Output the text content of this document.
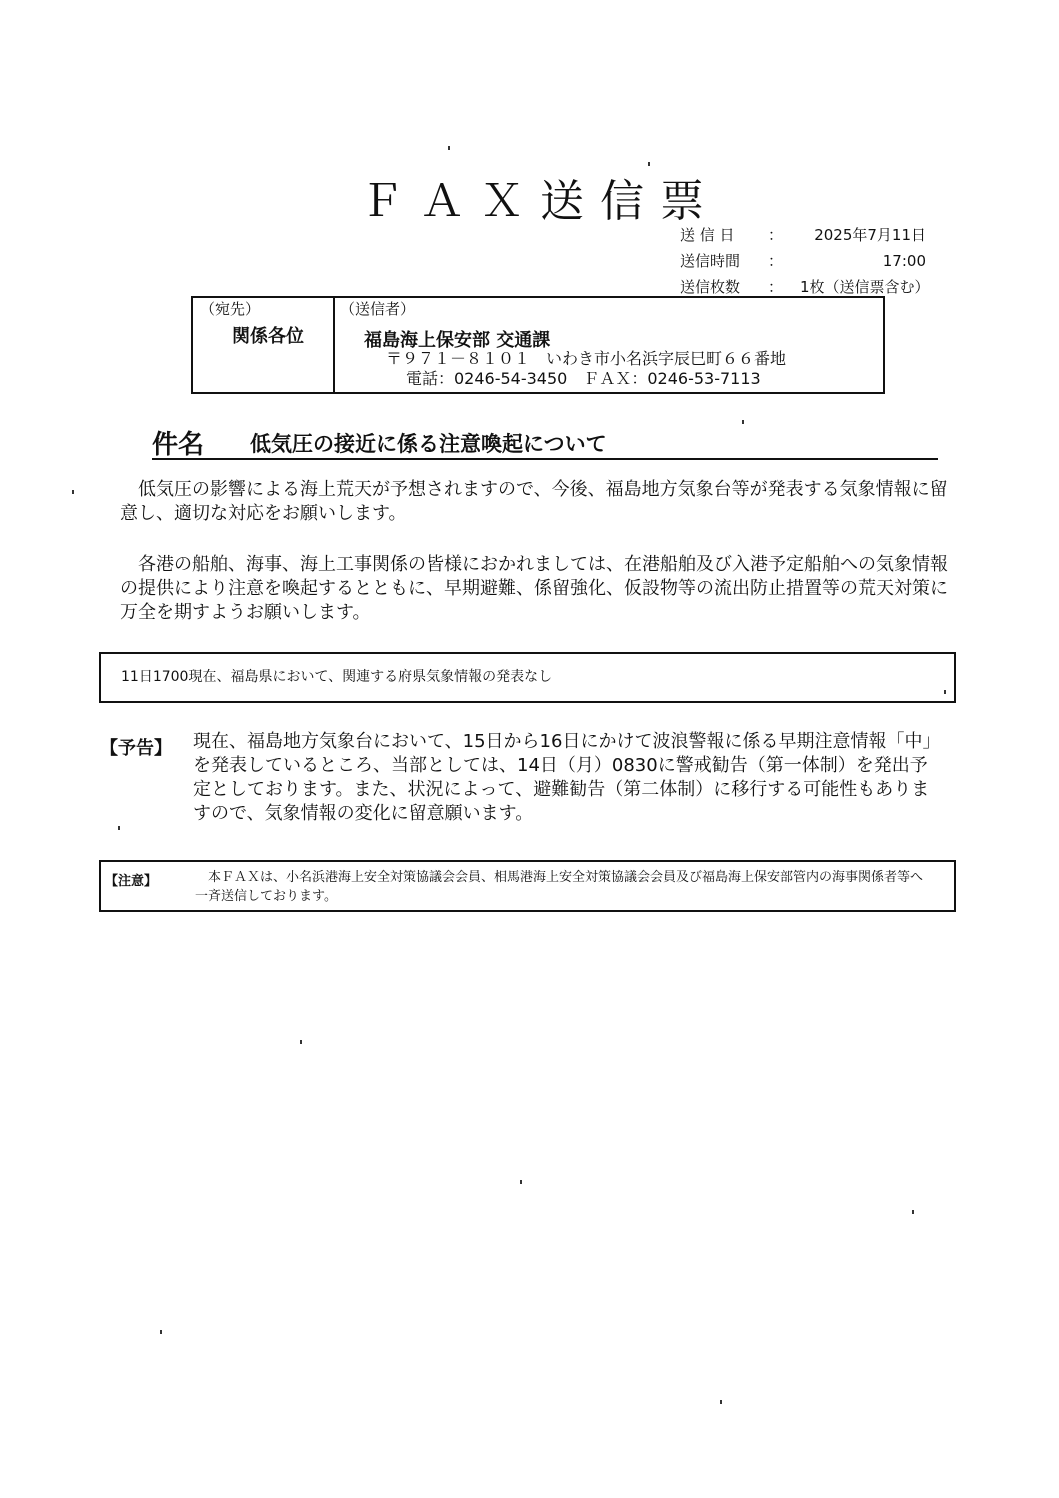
ＦＡＸ送信票
送 信 日	：	2025年7月11日
送信時間	：	17:00
送信枚数	： 1枚（送信票含む）
（宛先）
関係各位
（送信者）
福島海上保安部 交通課
〒９７１－８１０１　いわき市小名浜字辰巳町６６番地
電話：0246-54-3450　ＦＡＸ：0246-53-7113
件名 低気圧の接近に係る注意喚起について
低気圧の影響による海上荒天が予想されますので、今後、福島地方気象台等が発表する気象情報に留意し、適切な対応をお願いします。
各港の船舶、海事、海上工事関係の皆様におかれましては、在港船舶及び入港予定船舶への気象情報の提供により注意を喚起するとともに、早期避難、係留強化、仮設物等の流出防止措置等の荒天対策に万全を期すようお願いします。
11日1700現在、福島県において、関連する府県気象情報の発表なし
【予告】 現在、福島地方気象台において、15日から16日にかけて波浪警報に係る早期注意情報「中」を発表しているところ、当部としては、14日（月）0830に警戒勧告（第一体制）を発出予定としております。また、状況によって、避難勧告（第二体制）に移行する可能性もありますので、気象情報の変化に留意願います。
【注意】	本ＦＡＸは、小名浜港海上安全対策協議会会員、相馬港海上安全対策協議会会員及び福島海上保安部管内の海事関係者等へ一斉送信しております。
